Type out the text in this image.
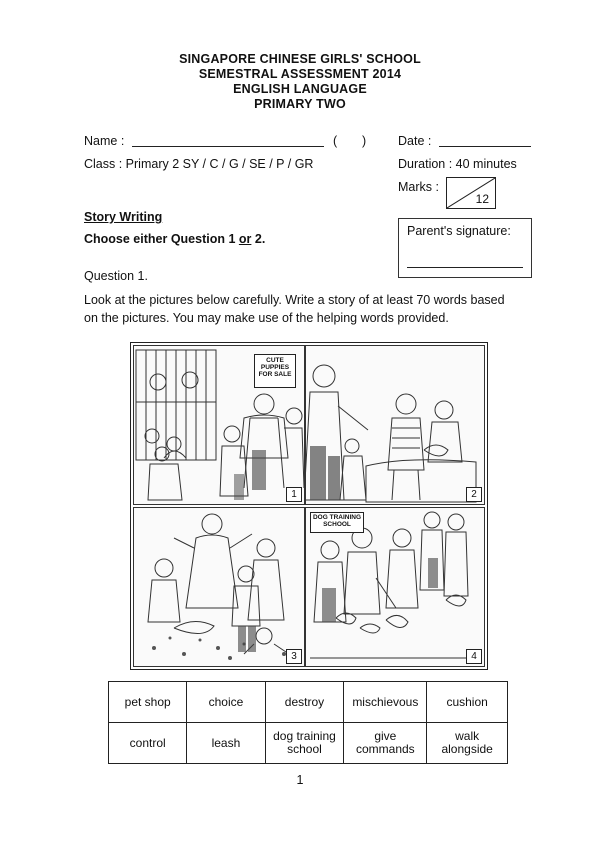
SINGAPORE CHINESE GIRLS' SCHOOL
SEMESTRAL ASSESSMENT 2014
ENGLISH LANGUAGE
PRIMARY TWO
Name :	( )	Date :
Class : Primary 2 SY / C / G / SE / P / GR	Duration : 40 minutes
Marks :
12
Parent's signature:
Story Writing
Choose either Question 1 or 2.
Question 1.
Look at the pictures below carefully. Write a story of at least 70 words based
on the pictures. You may make use of the helping words provided.
CUTE PUPPIES FOR SALE
1	2
3
DOG TRAINING SCHOOL
4
pet shop	choice	destroy	mischievous	cushion
control	leash	dog training school	give commands	walk alongside
1
